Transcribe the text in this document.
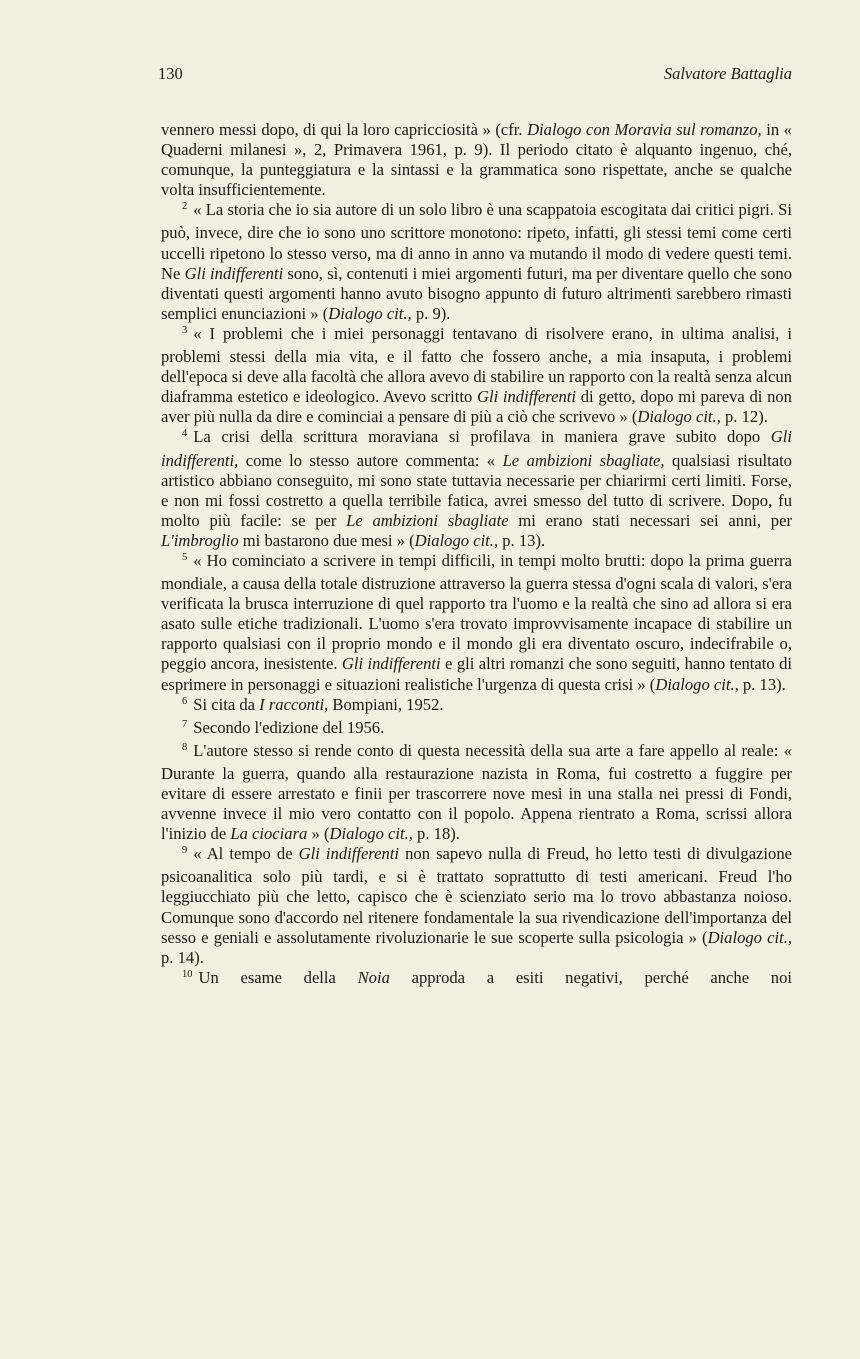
130	Salvatore Battaglia

vennero messi dopo, di qui la loro capricciosità » (cfr. Dialogo con Moravia sul romanzo, in « Quaderni milanesi », 2, Primavera 1961, p. 9). Il periodo citato è alquanto ingenuo, ché, comunque, la punteggiatura e la sintassi e la grammatica sono rispettate, anche se qualche volta insufficientemente.

$^2$ « La storia che io sia autore di un solo libro è una scappatoia escogitata dai critici pigri. Si può, invece, dire che io sono uno scrittore monotono: ripeto, infatti, gli stessi temi come certi uccelli ripetono lo stesso verso, ma di anno in anno va mutando il modo di vedere questi temi. Ne Gli indifferenti sono, sì, contenuti i miei argomenti futuri, ma per diventare quello che sono diventati questi argomenti hanno avuto bisogno appunto di futuro altrimenti sarebbero rimasti semplici enunciazioni » (Dialogo cit., p. 9).

$^3$ « I problemi che i miei personaggi tentavano di risolvere erano, in ultima analisi, i problemi stessi della mia vita, e il fatto che fossero anche, a mia insaputa, i problemi dell'epoca si deve alla facoltà che allora avevo di stabilire un rapporto con la realtà senza alcun diaframma estetico e ideologico. Avevo scritto Gli indifferenti di getto, dopo mi pareva di non aver più nulla da dire e cominciai a pensare di più a ciò che scrivevo » (Dialogo cit., p. 12).

$^4$ La crisi della scrittura moraviana si profilava in maniera grave subito dopo Gli indifferenti, come lo stesso autore commenta: « Le ambizioni sbagliate, qualsiasi risultato artistico abbiano conseguito, mi sono state tuttavia necessarie per chiarirmi certi limiti. Forse, e non mi fossi costretto a quella terribile fatica, avrei smesso del tutto di scrivere. Dopo, fu molto più facile: se per Le ambizioni sbagliate mi erano stati necessari sei anni, per L'imbroglio mi bastarono due mesi » (Dialogo cit., p. 13).

$^5$ « Ho cominciato a scrivere in tempi difficili, in tempi molto brutti: dopo la prima guerra mondiale, a causa della totale distruzione attraverso la guerra stessa d'ogni scala di valori, s'era verificata la brusca interruzione di quel rapporto tra l'uomo e la realtà che sino ad allora si era asato sulle etiche tradizionali. L'uomo s'era trovato improvvisamente incapace di stabilire un rapporto qualsiasi con il proprio mondo e il mondo gli era diventato oscuro, indecifrabile o, peggio ancora, inesistente. Gli indifferenti e gli altri romanzi che sono seguiti, hanno tentato di esprimere in personaggi e situazioni realistiche l'urgenza di questa crisi » (Dialogo cit., p. 13).

$^6$ Si cita da I racconti, Bompiani, 1952.

$^7$ Secondo l'edizione del 1956.

$^8$ L'autore stesso si rende conto di questa necessità della sua arte a fare appello al reale: « Durante la guerra, quando alla restaurazione nazista in Roma, fui costretto a fuggire per evitare di essere arrestato e finii per trascorrere nove mesi in una stalla nei pressi di Fondi, avvenne invece il mio vero contatto con il popolo. Appena rientrato a Roma, scrissi allora l'inizio de La ciociara » (Dialogo cit., p. 18).

$^9$ « Al tempo de Gli indifferenti non sapevo nulla di Freud, ho letto testi di divulgazione psicoanalitica solo più tardi, e si è trattato soprattutto di testi americani. Freud l'ho leggiucchiato più che letto, capisco che è scienziato serio ma lo trovo abbastanza noioso. Comunque sono d'accordo nel ritenere fondamentale la sua rivendicazione dell'importanza del sesso e geniali e assolutamente rivoluzionarie le sue scoperte sulla psicologia » (Dialogo cit., p. 14).

$^{10}$ Un esame della Noia approda a esiti negativi, perché anche noi
